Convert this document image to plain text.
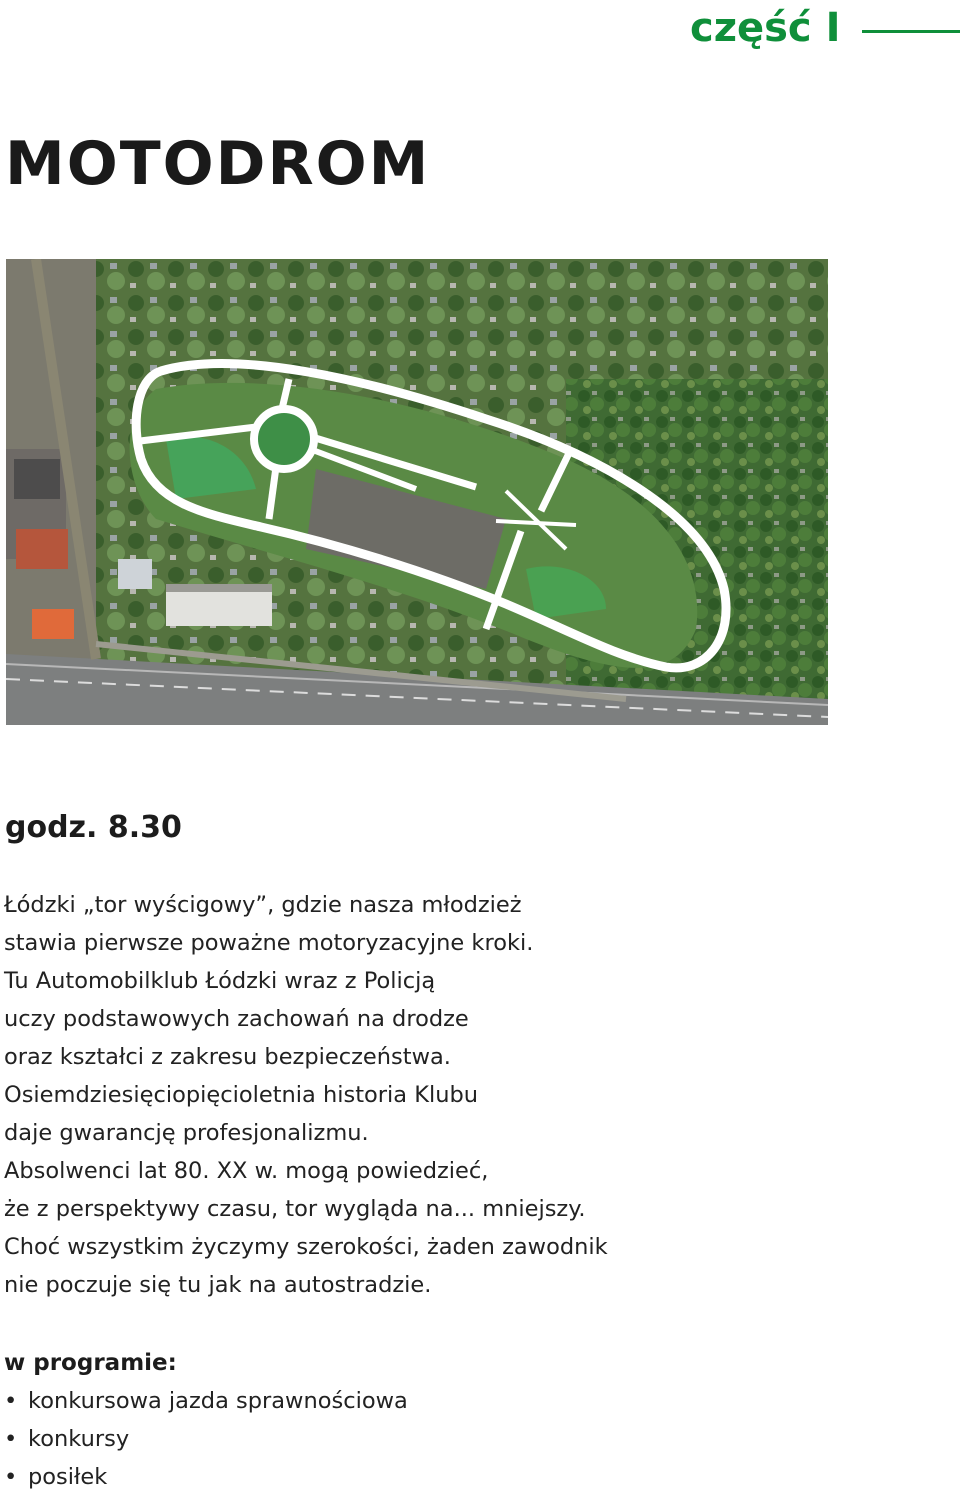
część I
MOTODROM
godz. 8.30
Łódzki „tor wyścigowy”, gdzie nasza młodzież
stawia pierwsze poważne motoryzacyjne kroki.
Tu Automobilklub Łódzki wraz z Policją
uczy podstawowych zachowań na drodze
oraz kształci z zakresu bezpieczeństwa.
Osiemdziesięciopięcioletnia historia Klubu
daje gwarancję profesjonalizmu.
Absolwenci lat 80. XX w. mogą powiedzieć,
że z perspektywy czasu, tor wygląda na... mniejszy.
Choć wszystkim życzymy szerokości, żaden zawodnik
nie poczuje się tu jak na autostradzie.
w programie:
• konkursowa jazda sprawnościowa
• konkursy
• posiłek
